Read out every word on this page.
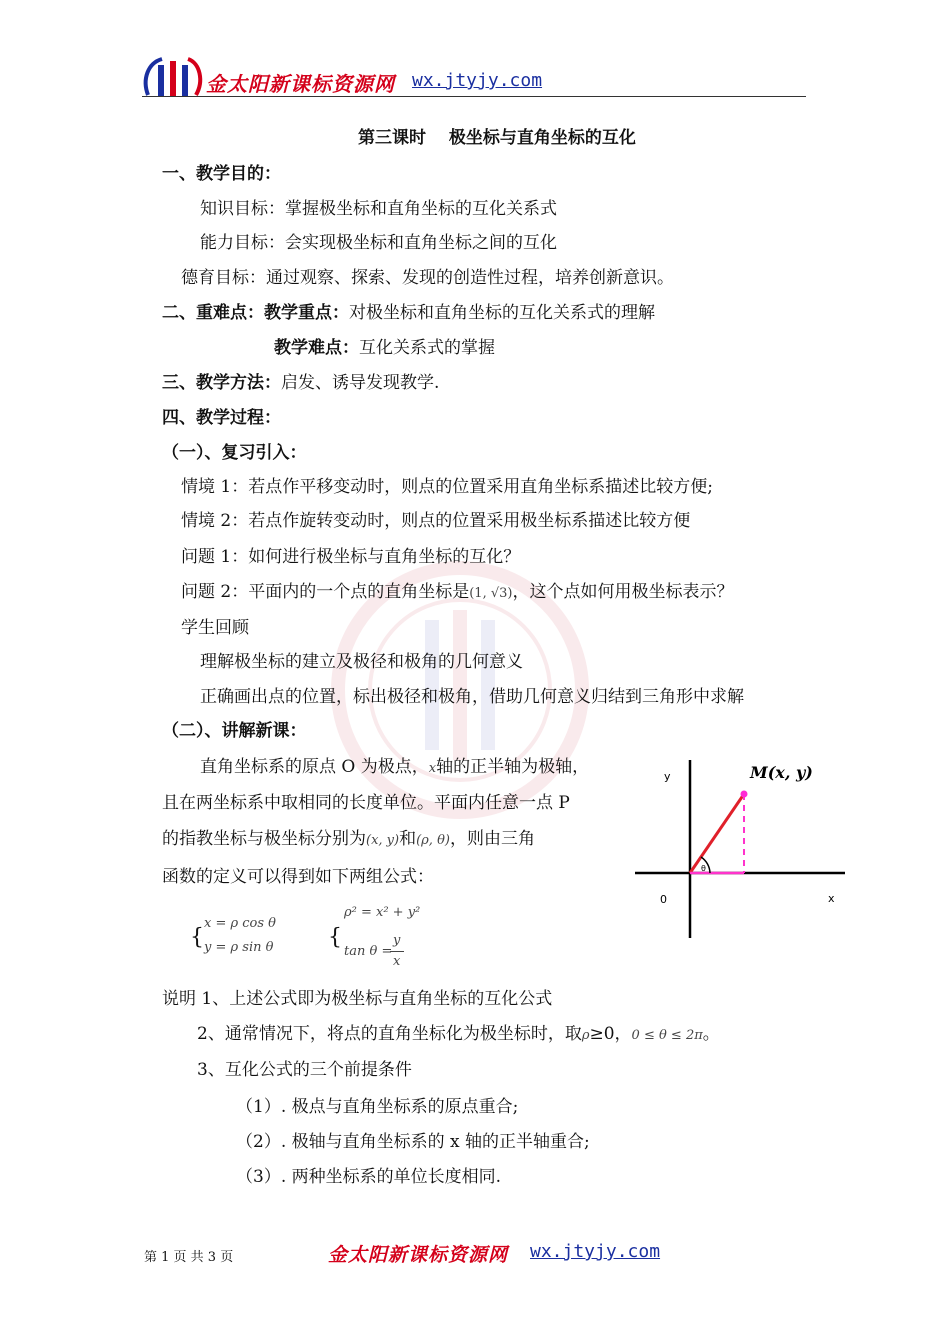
金太阳新课标资源网 wx.jtyjy.com
第三课时　 极坐标与直角坐标的互化
一、教学目的：
知识目标：掌握极坐标和直角坐标的互化关系式
能力目标：会实现极坐标和直角坐标之间的互化
德育目标：通过观察、探索、发现的创造性过程，培养创新意识。
二、重难点：教学重点：对极坐标和直角坐标的互化关系式的理解
教学难点：互化关系式的掌握
三、教学方法：启发、诱导发现教学.
四、教学过程：
（一）、复习引入：
情境 1：若点作平移变动时，则点的位置采用直角坐标系描述比较方便;
情境 2：若点作旋转变动时，则点的位置采用极坐标系描述比较方便
问题 1：如何进行极坐标与直角坐标的互化？
问题 2：平面内的一个点的直角坐标是(1, √3)，这个点如何用极坐标表示？
学生回顾
理解极坐标的建立及极径和极角的几何意义
正确画出点的位置，标出极径和极角，借助几何意义归结到三角形中求解
（二）、讲解新课：
直角坐标系的原点 O 为极点，x轴的正半轴为极轴，
且在两坐标系中取相同的长度单位。平面内任意一点 P
的指教坐标与极坐标分别为(x, y)和(ρ, θ)，则由三角
函数的定义可以得到如下两组公式：
{
x = ρ cos θ
y = ρ sin θ {
ρ² = x² + y²
tan θ =
y
x
θ
y
x
0
M(x, y)
说明 1、上述公式即为极坐标与直角坐标的互化公式
2、通常情况下，将点的直角坐标化为极坐标时，取ρ≥0，0 ≤ θ ≤ 2π。
3、互化公式的三个前提条件
（1）. 极点与直角坐标系的原点重合;
（2）. 极轴与直角坐标系的 x 轴的正半轴重合;
（3）. 两种坐标系的单位长度相同.
第 1 页 共 3 页	金太阳新课标资源网 wx.jtyjy.com
